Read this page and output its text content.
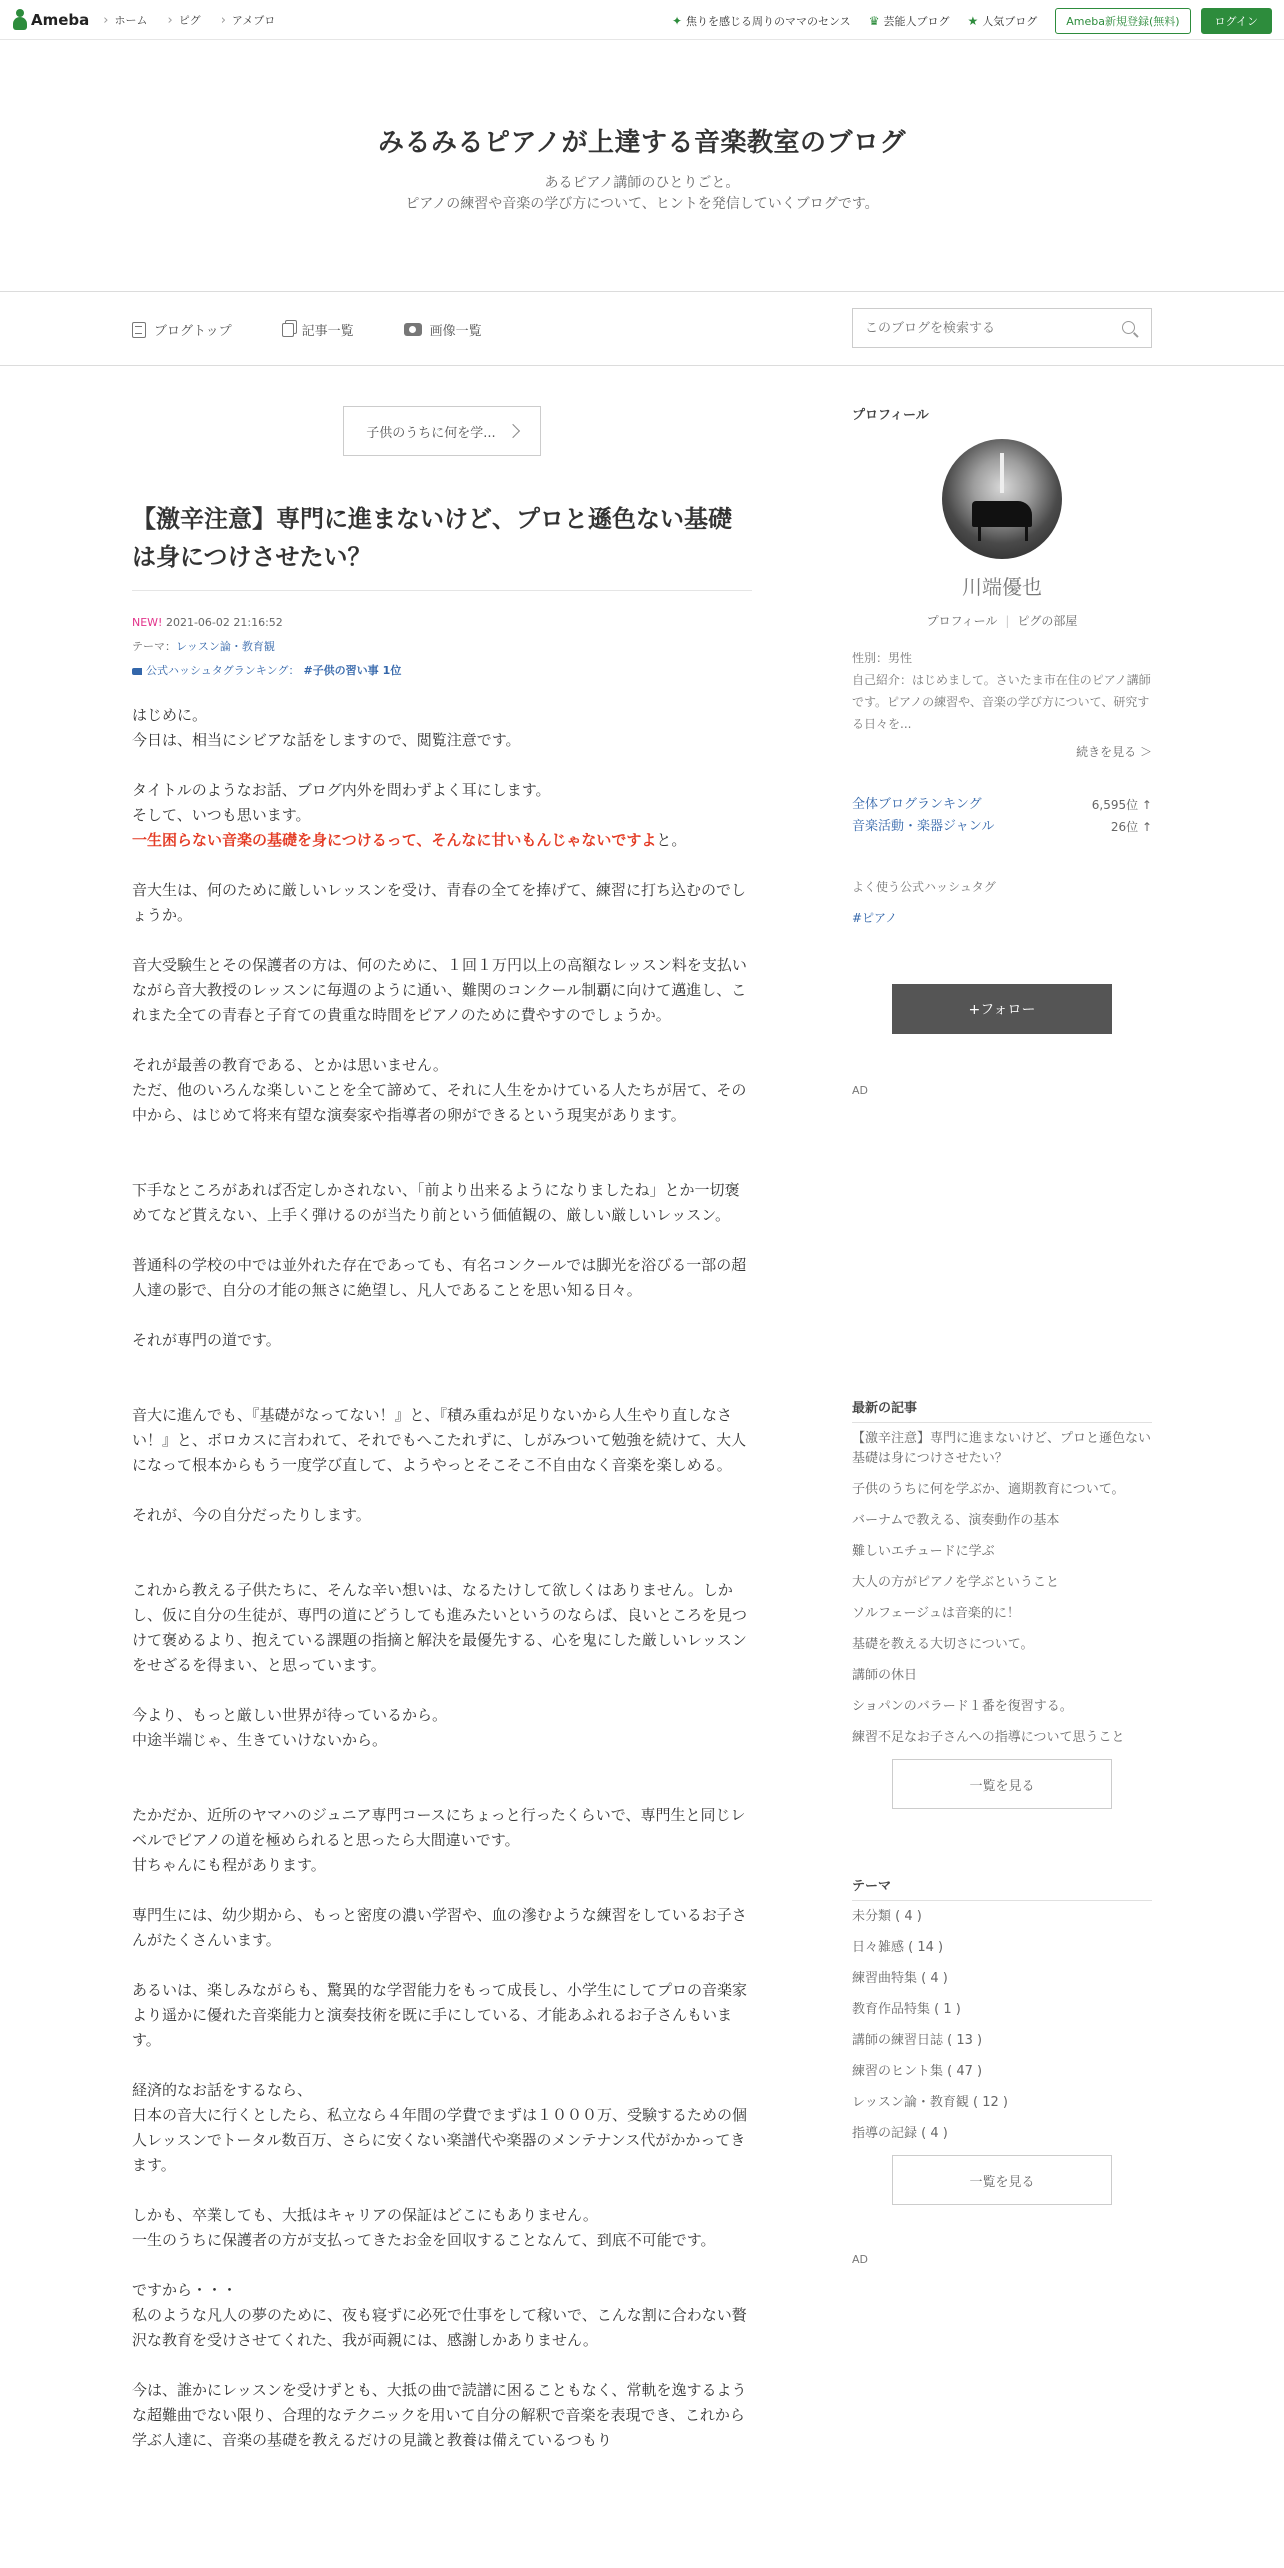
Ameba	› ホーム	› ピグ	› アメブロ	✦ 焦りを感じる周りのママのセンス ♛ 芸能人ブログ ★ 人気ブログ	Ameba新規登録(無料)	ログイン
みるみるピアノが上達する音楽教室のブログ
あるピアノ講師のひとりごと。
ピアノの練習や音楽の学び方について、ヒントを発信していくブログです。
ブログトップ	記事一覧	画像一覧
このブログを検索する
子供のうちに何を学...
【激辛注意】専門に進まないけど、プロと遜色ない基礎は身につけさせたい？
NEW! 2021-06-02 21:16:52
テーマ：レッスン論・教育観
公式ハッシュタグランキング： #子供の習い事 1位

はじめに。
今日は、相当にシビアな話をしますので、閲覧注意です。

タイトルのようなお話、ブログ内外を問わずよく耳にします。
そして、いつも思います。
一生困らない音楽の基礎を身につけるって、そんなに甘いもんじゃないですよと。

音大生は、何のために厳しいレッスンを受け、青春の全てを捧げて、練習に打ち込むのでしょうか。

音大受験生とその保護者の方は、何のために、１回１万円以上の高額なレッスン料を支払いながら音大教授のレッスンに毎週のように通い、難関のコンクール制覇に向けて邁進し、これまた全ての青春と子育ての貴重な時間をピアノのために費やすのでしょうか。

それが最善の教育である、とかは思いません。
ただ、他のいろんな楽しいことを全て諦めて、それに人生をかけている人たちが居て、その中から、はじめて将来有望な演奏家や指導者の卵ができるという現実があります。

下手なところがあれば否定しかされない、「前より出来るようになりましたね」とか一切褒めてなど貰えない、上手く弾けるのが当たり前という価値観の、厳しい厳しいレッスン。

普通科の学校の中では並外れた存在であっても、有名コンクールでは脚光を浴びる一部の超人達の影で、自分の才能の無さに絶望し、凡人であることを思い知る日々。

それが専門の道です。

音大に進んでも、『基礎がなってない！』と、『積み重ねが足りないから人生やり直しなさい！』と、ボロカスに言われて、それでもへこたれずに、しがみついて勉強を続けて、大人になって根本からもう一度学び直して、ようやっとそこそこ不自由なく音楽を楽しめる。

それが、今の自分だったりします。

これから教える子供たちに、そんな辛い想いは、なるたけして欲しくはありません。しかし、仮に自分の生徒が、専門の道にどうしても進みたいというのならば、良いところを見つけて褒めるより、抱えている課題の指摘と解決を最優先する、心を鬼にした厳しいレッスンをせざるを得まい、と思っています。

今より、もっと厳しい世界が待っているから。
中途半端じゃ、生きていけないから。

たかだか、近所のヤマハのジュニア専門コースにちょっと行ったくらいで、専門生と同じレベルでピアノの道を極められると思ったら大間違いです。
甘ちゃんにも程があります。

専門生には、幼少期から、もっと密度の濃い学習や、血の滲むような練習をしているお子さんがたくさんいます。

あるいは、楽しみながらも、驚異的な学習能力をもって成長し、小学生にしてプロの音楽家より遥かに優れた音楽能力と演奏技術を既に手にしている、才能あふれるお子さんもいます。

経済的なお話をするなら、
日本の音大に行くとしたら、私立なら４年間の学費でまずは１０００万、受験するための個人レッスンでトータル数百万、さらに安くない楽譜代や楽器のメンテナンス代がかかってきます。

しかも、卒業しても、大抵はキャリアの保証はどこにもありません。
一生のうちに保護者の方が支払ってきたお金を回収することなんて、到底不可能です。

ですから・・・
私のような凡人の夢のために、夜も寝ずに必死で仕事をして稼いで、こんな割に合わない贅沢な教育を受けさせてくれた、我が両親には、感謝しかありません。

今は、誰かにレッスンを受けずとも、大抵の曲で読譜に困ることもなく、常軌を逸するような超難曲でない限り、合理的なテクニックを用いて自分の解釈で音楽を表現でき、これから学ぶ人達に、音楽の基礎を教えるだけの見識と教養は備えているつもり

プロフィール
川端優也
プロフィール | ピグの部屋
性別：男性
自己紹介：はじめまして。さいたま市在住のピアノ講師です。ピアノの練習や、音楽の学び方について、研究する日々を...
続きを見る ＞
全体ブログランキング	6,595位 ↑
音楽活動・楽器ジャンル	26位 ↑
よく使う公式ハッシュタグ
#ピアノ
+フォロー
AD
最新の記事
【激辛注意】専門に進まないけど、プロと遜色ない基礎は身につけさせたい？
子供のうちに何を学ぶか、適期教育について。
バーナムで教える、演奏動作の基本
難しいエチュードに学ぶ
大人の方がピアノを学ぶということ
ソルフェージュは音楽的に！
基礎を教える大切さについて。
講師の休日
ショパンのバラード１番を復習する。
練習不足なお子さんへの指導について思うこと
一覧を見る
テーマ
未分類 ( 4 )
日々雑感 ( 14 )
練習曲特集 ( 4 )
教育作品特集 ( 1 )
講師の練習日誌 ( 13 )
練習のヒント集 ( 47 )
レッスン論・教育観 ( 12 )
指導の記録 ( 4 )
一覧を見る
AD
